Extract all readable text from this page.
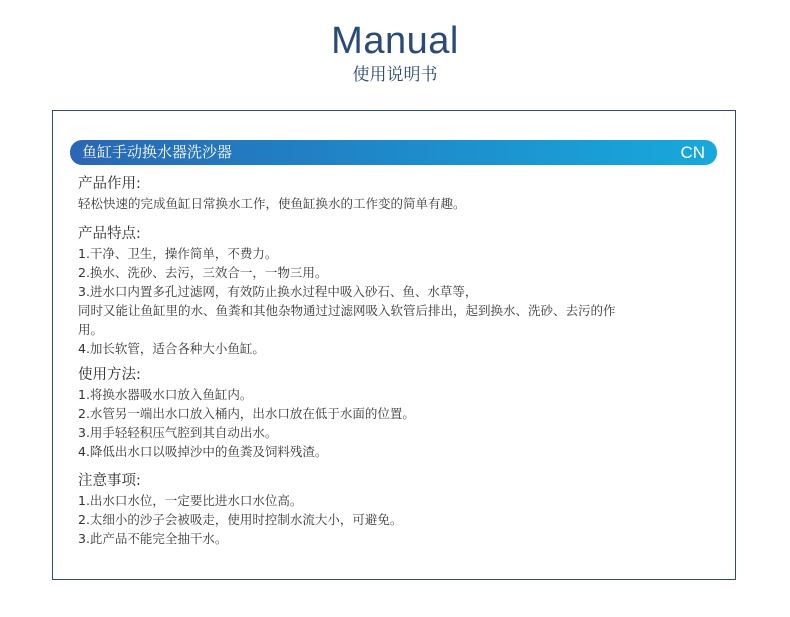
Manual
使用说明书
鱼缸手动换水器洗沙器	CN
产品作用:
轻松快速的完成鱼缸日常换水工作，使鱼缸换水的工作变的简单有趣。
产品特点:
1.干净、卫生，操作简单，不费力。
2.换水、洗砂、去污，三效合一，一物三用。
3.进水口内置多孔过滤网，有效防止换水过程中吸入砂石、鱼、水草等，
同时又能让鱼缸里的水、鱼粪和其他杂物通过过滤网吸入软管后排出，起到换水、洗砂、去污的作
用。
4.加长软管，适合各种大小鱼缸。
使用方法:
1.将换水器吸水口放入鱼缸内。
2.水管另一端出水口放入桶内，出水口放在低于水面的位置。
3.用手轻轻积压气腔到其自动出水。
4.降低出水口以吸掉沙中的鱼粪及饲料残渣。
注意事项:
1.出水口水位，一定要比进水口水位高。
2.太细小的沙子会被吸走，使用时控制水流大小，可避免。
3.此产品不能完全抽干水。
